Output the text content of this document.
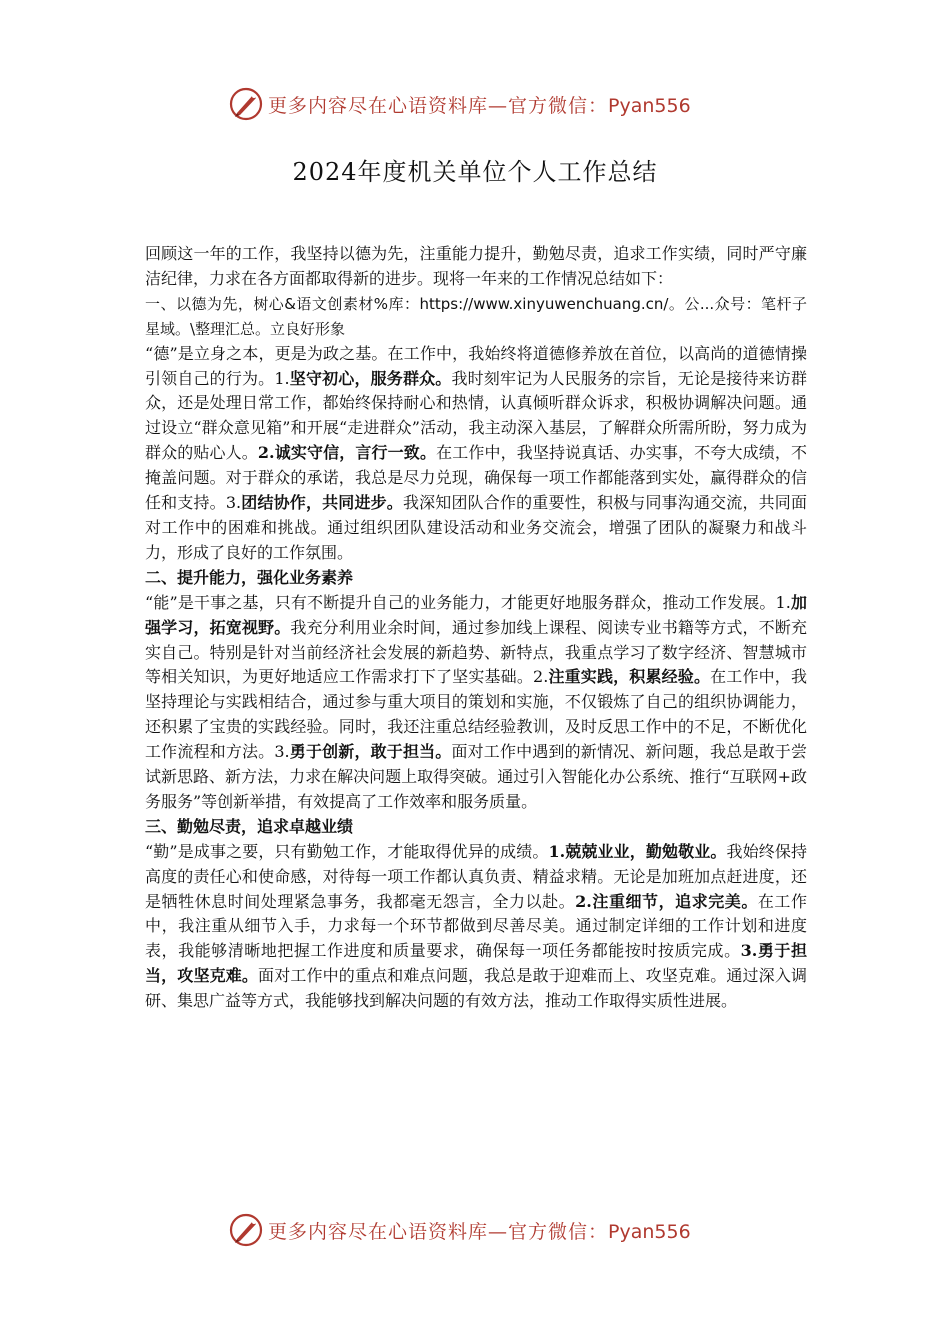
更多内容尽在心语资料库—官方微信：Pyan556
2024年度机关单位个人工作总结

回顾这一年的工作，我坚持以德为先，注重能力提升，勤勉尽责，追求工作实绩，同时严守廉洁纪律，力求在各方面都取得新的进步。现将一年来的工作情况总结如下：

一、以德为先，树心&语文创素材%库：https://www.xinyuwenchuang.cn/。公...众号：笔杆子星域。\整理汇总。立良好形象

“德”是立身之本，更是为政之基。在工作中，我始终将道德修养放在首位，以高尚的道德情操引领自己的行为。1.坚守初心，服务群众。我时刻牢记为人民服务的宗旨，无论是接待来访群众，还是处理日常工作，都始终保持耐心和热情，认真倾听群众诉求，积极协调解决问题。通过设立“群众意见箱”和开展“走进群众”活动，我主动深入基层，了解群众所需所盼，努力成为群众的贴心人。2.诚实守信，言行一致。在工作中，我坚持说真话、办实事，不夸大成绩，不掩盖问题。对于群众的承诺，我总是尽力兑现，确保每一项工作都能落到实处，赢得群众的信任和支持。3.团结协作，共同进步。我深知团队合作的重要性，积极与同事沟通交流，共同面对工作中的困难和挑战。通过组织团队建设活动和业务交流会，增强了团队的凝聚力和战斗力，形成了良好的工作氛围。

二、提升能力，强化业务素养

“能”是干事之基，只有不断提升自己的业务能力，才能更好地服务群众，推动工作发展。1.加强学习，拓宽视野。我充分利用业余时间，通过参加线上课程、阅读专业书籍等方式，不断充实自己。特别是针对当前经济社会发展的新趋势、新特点，我重点学习了数字经济、智慧城市等相关知识，为更好地适应工作需求打下了坚实基础。2.注重实践，积累经验。在工作中，我坚持理论与实践相结合，通过参与重大项目的策划和实施，不仅锻炼了自己的组织协调能力，还积累了宝贵的实践经验。同时，我还注重总结经验教训，及时反思工作中的不足，不断优化工作流程和方法。3.勇于创新，敢于担当。面对工作中遇到的新情况、新问题，我总是敢于尝试新思路、新方法，力求在解决问题上取得突破。通过引入智能化办公系统、推行“互联网+政务服务”等创新举措，有效提高了工作效率和服务质量。

三、勤勉尽责，追求卓越业绩

“勤”是成事之要，只有勤勉工作，才能取得优异的成绩。1.兢兢业业，勤勉敬业。我始终保持高度的责任心和使命感，对待每一项工作都认真负责、精益求精。无论是加班加点赶进度，还是牺牲休息时间处理紧急事务，我都毫无怨言，全力以赴。2.注重细节，追求完美。在工作中，我注重从细节入手，力求每一个环节都做到尽善尽美。通过制定详细的工作计划和进度表，我能够清晰地把握工作进度和质量要求，确保每一项任务都能按时按质完成。3.勇于担当，攻坚克难。面对工作中的重点和难点问题，我总是敢于迎难而上、攻坚克难。通过深入调研、集思广益等方式，我能够找到解决问题的有效方法，推动工作取得实质性进展。

更多内容尽在心语资料库—官方微信：Pyan556
